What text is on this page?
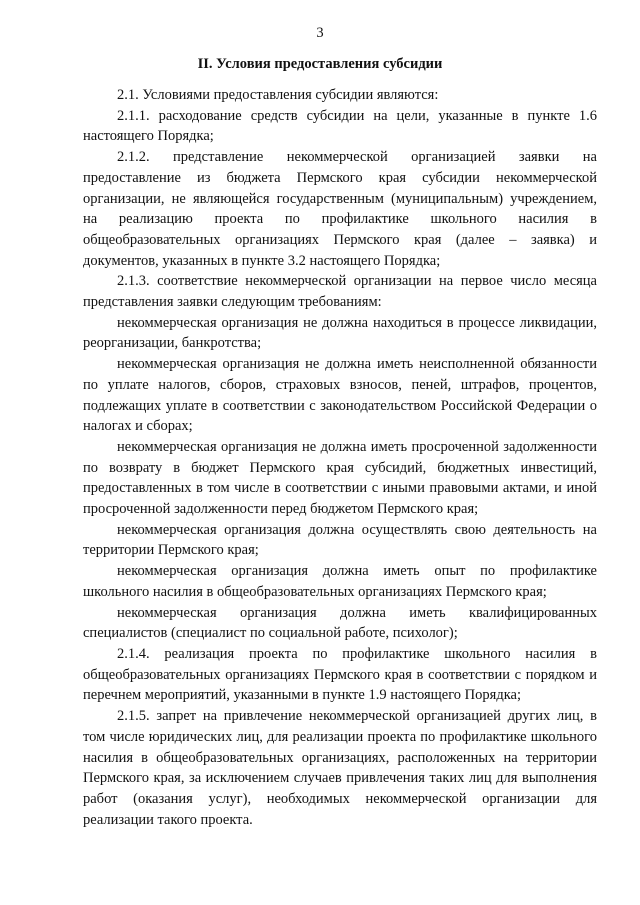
3
II. Условия предоставления субсидии

2.1. Условиями предоставления субсидии являются:

2.1.1. расходование средств субсидии на цели, указанные в пункте 1.6 настоящего Порядка;

2.1.2. представление некоммерческой организацией заявки на предоставление из бюджета Пермского края субсидии некоммерческой организации, не являющейся государственным (муниципальным) учреждением, на реализацию проекта по профилактике школьного насилия в общеобразовательных организациях Пермского края (далее – заявка) и документов, указанных в пункте 3.2 настоящего Порядка;

2.1.3. соответствие некоммерческой организации на первое число месяца представления заявки следующим требованиям:

некоммерческая организация не должна находиться в процессе ликвидации, реорганизации, банкротства;

некоммерческая организация не должна иметь неисполненной обязанности по уплате налогов, сборов, страховых взносов, пеней, штрафов, процентов, подлежащих уплате в соответствии с законодательством Российской Федерации о налогах и сборах;

некоммерческая организация не должна иметь просроченной задолженности по возврату в бюджет Пермского края субсидий, бюджетных инвестиций, предоставленных в том числе в соответствии с иными правовыми актами, и иной просроченной задолженности перед бюджетом Пермского края;

некоммерческая организация должна осуществлять свою деятельность на территории Пермского края;

некоммерческая организация должна иметь опыт по профилактике школьного насилия в общеобразовательных организациях Пермского края;

некоммерческая организация должна иметь квалифицированных специалистов (специалист по социальной работе, психолог);

2.1.4. реализация проекта по профилактике школьного насилия в общеобразовательных организациях Пермского края в соответствии с порядком и перечнем мероприятий, указанными в пункте 1.9 настоящего Порядка;

2.1.5. запрет на привлечение некоммерческой организацией других лиц, в том числе юридических лиц, для реализации проекта по профилактике школьного насилия в общеобразовательных организациях, расположенных на территории Пермского края, за исключением случаев привлечения таких лиц для выполнения работ (оказания услуг), необходимых некоммерческой организации для реализации такого проекта.
